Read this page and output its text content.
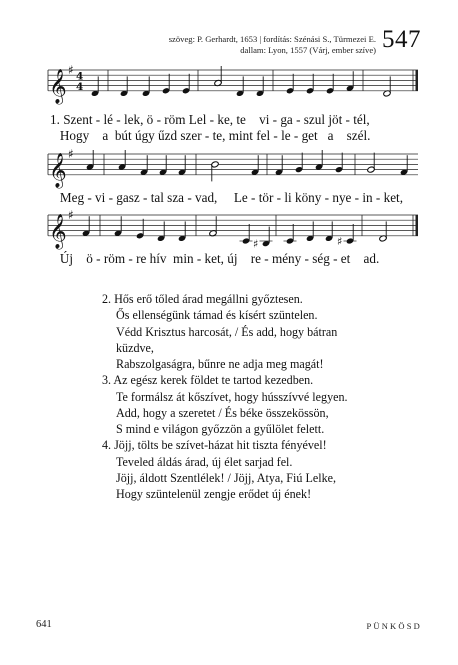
szöveg: P. Gerhardt, 1653 | fordítás: Szénási S., Türmezei E.
dallam: Lyon, 1557 (Várj, ember szíve) 547
𝄞 ♯ 4
4
1. Szent - lé - lek, ö - röm Lel - ke, te    vi - ga - szul jöt - tél,
Hogy    a  bút úgy űzd szer - te, mint fel - le - get   a    szél.
𝄞 ♯
Meg - vi - gasz - tal sza - vad,     Le - tör - li köny - nye - in - ket,
𝄞 ♯
♯	♯
Új    ö - röm - re hív  min - ket, új    re - mény - ség - et    ad.
2. Hős erő tőled árad megállni győztesen.
Ős ellenségünk támad és kísért szüntelen.
Védd Krisztus harcosát, / És add, hogy bátran
küzdve,
Rabszolgaságra, bűnre ne adja meg magát!
3. Az egész kerek földet te tartod kezedben.
Te formálsz át kőszívet, hogy hússzívvé legyen.
Add, hogy a szeretet / És béke összekössön,
S mind e világon győzzön a gyűlölet felett.
4. Jöjj, tölts be szívet-házat hit tiszta fényével!
Teveled áldás árad, új élet sarjad fel.
Jöjj, áldott Szentlélek! / Jöjj, Atya, Fiú Lelke,
Hogy szüntelenül zengje erődet új ének!
641	PÜNKÖSD
